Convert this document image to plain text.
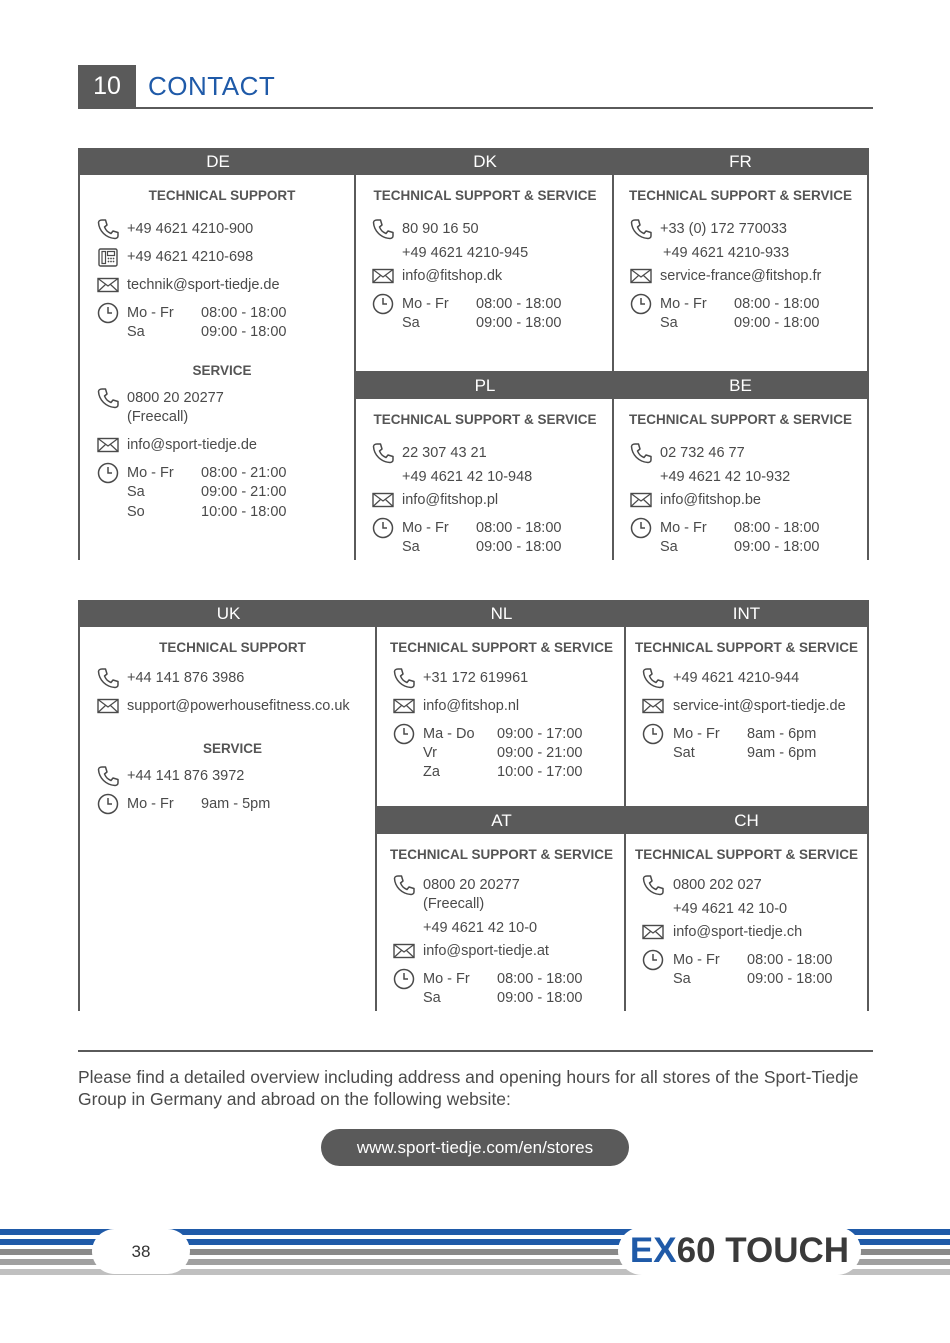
10	CONTACT
DE
TECHNICAL SUPPORT
+49 4621 4210-900
+49 4621 4210-698
technik@sport-tiedje.de
Mo - Fr 08:00 - 18:00
Sa	09:00 - 18:00
SERVICE
0800 20 20277
(Freecall)
info@sport-tiedje.de
Mo - Fr 08:00 - 21:00
Sa	09:00 - 21:00
So	10:00 - 18:00
DK
TECHNICAL SUPPORT & SERVICE
80 90 16 50
+49 4621 4210-945
info@fitshop.dk
Mo - Fr 08:00 - 18:00
Sa	09:00 - 18:00
FR
TECHNICAL SUPPORT & SERVICE
+33 (0) 172 770033
+49 4621 4210-933
service-france@fitshop.fr
Mo - Fr 08:00 - 18:00
Sa	09:00 - 18:00
PL
TECHNICAL SUPPORT & SERVICE
22 307 43 21
+49 4621 42 10-948
info@fitshop.pl
Mo - Fr 08:00 - 18:00
Sa	09:00 - 18:00
BE
TECHNICAL SUPPORT & SERVICE
02 732 46 77
+49 4621 42 10-932
info@fitshop.be
Mo - Fr 08:00 - 18:00
Sa	09:00 - 18:00
UK
TECHNICAL SUPPORT
+44 141 876 3986
support@powerhousefitness.co.uk
SERVICE
+44 141 876 3972
Mo - Fr 9am - 5pm
NL
TECHNICAL SUPPORT & SERVICE
+31 172 619961
info@fitshop.nl
Ma - Do 09:00 - 17:00
Vr	09:00 - 21:00
Za	10:00 - 17:00
INT
TECHNICAL SUPPORT & SERVICE
+49 4621 4210-944
service-int@sport-tiedje.de
Mo - Fr 8am - 6pm
Sat	9am - 6pm
AT
TECHNICAL SUPPORT & SERVICE
0800 20 20277
(Freecall)
+49 4621 42 10-0
info@sport-tiedje.at
Mo - Fr 08:00 - 18:00
Sa	09:00 - 18:00
CH
TECHNICAL SUPPORT & SERVICE
0800 202 027
+49 4621 42 10-0
info@sport-tiedje.ch
Mo - Fr 08:00 - 18:00
Sa	09:00 - 18:00
Please find a detailed overview including address and opening hours for all stores of the Sport-Tiedje Group in Germany and abroad on the following website:
www.sport-tiedje.com/en/stores
38	EX60 TOUCH
